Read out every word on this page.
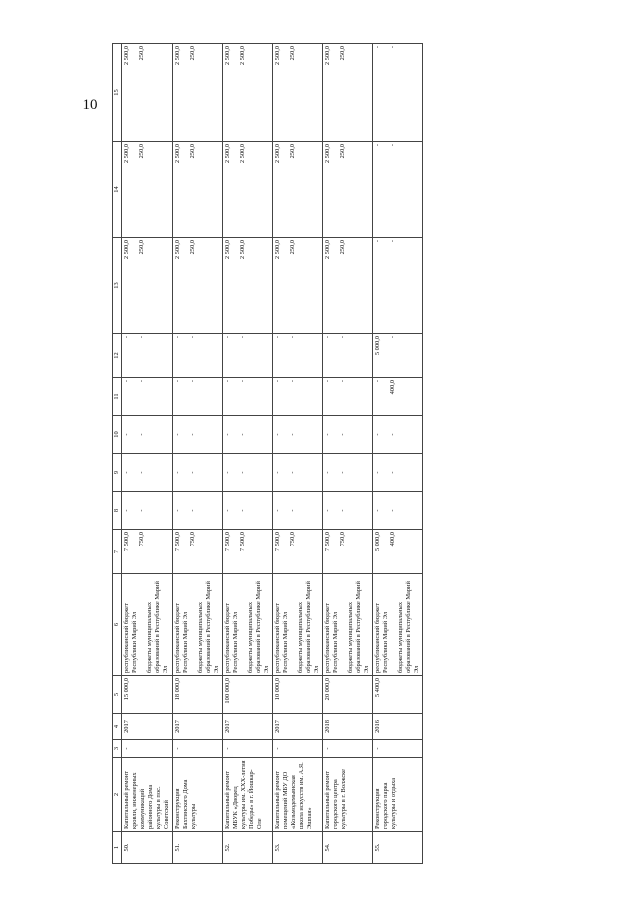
10
1	2	3	4	5	6	7	8	9	10	11	12	13	14	15
50.	Капитальный ремонт кровли, инженерных коммуникаций районного Дома культуры в пос. Советский	-	2017	15 000,0	республиканский бюджет Республики Марий Эл бюджеты муниципальных образований в Республике Марий Эл	7 500,0 750,0	- -	- -	- -	- -	- -	2 500,0 250,0	2 500,0 250,0	2 500,0 250,0

51.	Реконструкция Бахтинского Дома культуры	-	2017	18 000,0	республиканский бюджет Республики Марий Эл бюджеты муниципальных образований в Республике Марий Эл	7 500,0 750,0	- -	- -	- -	- -	- -	2 500,0 250,0	2 500,0 250,0	2 500,0 250,0

52.	Капитальный ремонт МБУК «Дворец культуры им. XXX-летия Победы» в г. Йошкар-Оле	-	2017	100 000,0	республиканский бюджет Республики Марий Эл бюджеты муниципальных образований в Республике Марий Эл	7 500,0 7 500,0	- -	- -	- -	- -	- -	2 500,0 2 500,0	2 500,0 2 500,0	2 500,0 2 500,0

53.	Капитальный ремонт помещений МБУ ДО «Козьмодемьянская школа искусств им. А.Я. Эшпая»	-	2017	10 000,0	республиканский бюджет Республики Марий Эл бюджеты муниципальных образований в Республике Марий Эл	7 500,0 750,0	- -	- -	- -	- -	- -	2 500,0 250,0	2 500,0 250,0	2 500,0 250,0

54.	Капитальный ремонт городского центра культуры в г. Волжске	-	2018	20 000,0	республиканский бюджет Республики Марий Эл бюджеты муниципальных образований в Республике Марий Эл	7 500,0 750,0	- -	- -	- -	- -	- -	2 500,0 250,0	2 500,0 250,0	2 500,0 250,0

55.	Реконструкция городского парка культуры и отдыха	-	2016	5 400,0	республиканский бюджет Республики Марий Эл бюджеты муниципальных образований в Республике Марий Эл	5 000,0 400,0	- -	- -	- -	- 400,0	5 000,0 -	- -	- -	- -
